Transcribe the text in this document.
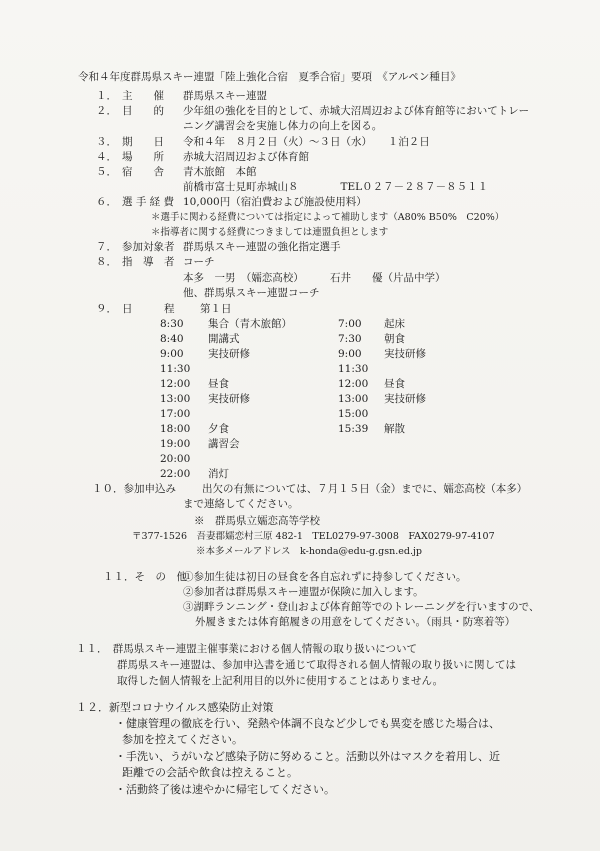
令和４年度群馬県スキー連盟「陸上強化合宿　夏季合宿」要項　《アルペン種目》
１． 主　　催 群馬県スキー連盟
２． 目　　的 少年組の強化を目的として、赤城大沼周辺および体育館等においてトレー
ニング講習会を実施し体力の向上を図る。
３． 期　　日 令和４年　８月２日（火）～３日（水）　　１泊２日
４． 場　　所 赤城大沼周辺および体育館
５． 宿　　舎 青木旅館　本館
前橋市富士見町赤城山８　　　　TEL０２７－２８７－８５１１
６． 選 手 経 費 10,000円（宿泊費および施設使用料）
＊選手に関わる経費については指定によって補助します（A80% B50%　C20%）
＊指導者に関する経費につきましては連盟負担とします
７． 参加対象者 群馬県スキー連盟の強化指定選手
８． 指　導　者 コーチ
本多　一男　（嬬恋高校）　　　石井　　優（片品中学）
他、群馬県スキー連盟コーチ
９． 日　　　程 第１日
8:30 集合（青木旅館）
8:40 開講式
9:00 実技研修
11:30
12:00 昼食
13:00 実技研修
17:00
18:00 夕食
19:00 講習会
20:00
22:00 消灯
7:00 起床
7:30 朝食
9:00 実技研修
11:30
12:00 昼食
13:00 実技研修
15:00
15:39 解散
１０．参加申込み 出欠の有無については、７月１５日（金）までに、嬬恋高校（本多）
まで連絡してください。
※　群馬県立嬬恋高等学校
〒377-1526　吾妻郡嬬恋村三原 482-1　TEL0279-97-3008　FAX0279-97-4107
※本多メールアドレス　k-honda@edu-g.gsn.ed.jp
１１．そ　の　他
①参加生徒は初日の昼食を各自忘れずに持参してください。
②参加者は群馬県スキー連盟が保険に加入します。
③湖畔ランニング・登山および体育館等でのトレーニングを行いますので、
外履きまたは体育館履きの用意をしてください。（雨具・防寒着等）
１１．　群馬県スキー連盟主催事業における個人情報の取り扱いについて
群馬県スキー連盟は、参加申込書を通じて取得される個人情報の取り扱いに関しては
取得した個人情報を上記利用目的以外に使用することはありません。
１２．新型コロナウイルス感染防止対策
・健康管理の徹底を行い、発熱や体調不良など少しでも異変を感じた場合は、
参加を控えてください。
・手洗い、うがいなど感染予防に努めること。活動以外はマスクを着用し、近
距離での会話や飲食は控えること。
・活動終了後は速やかに帰宅してください。
